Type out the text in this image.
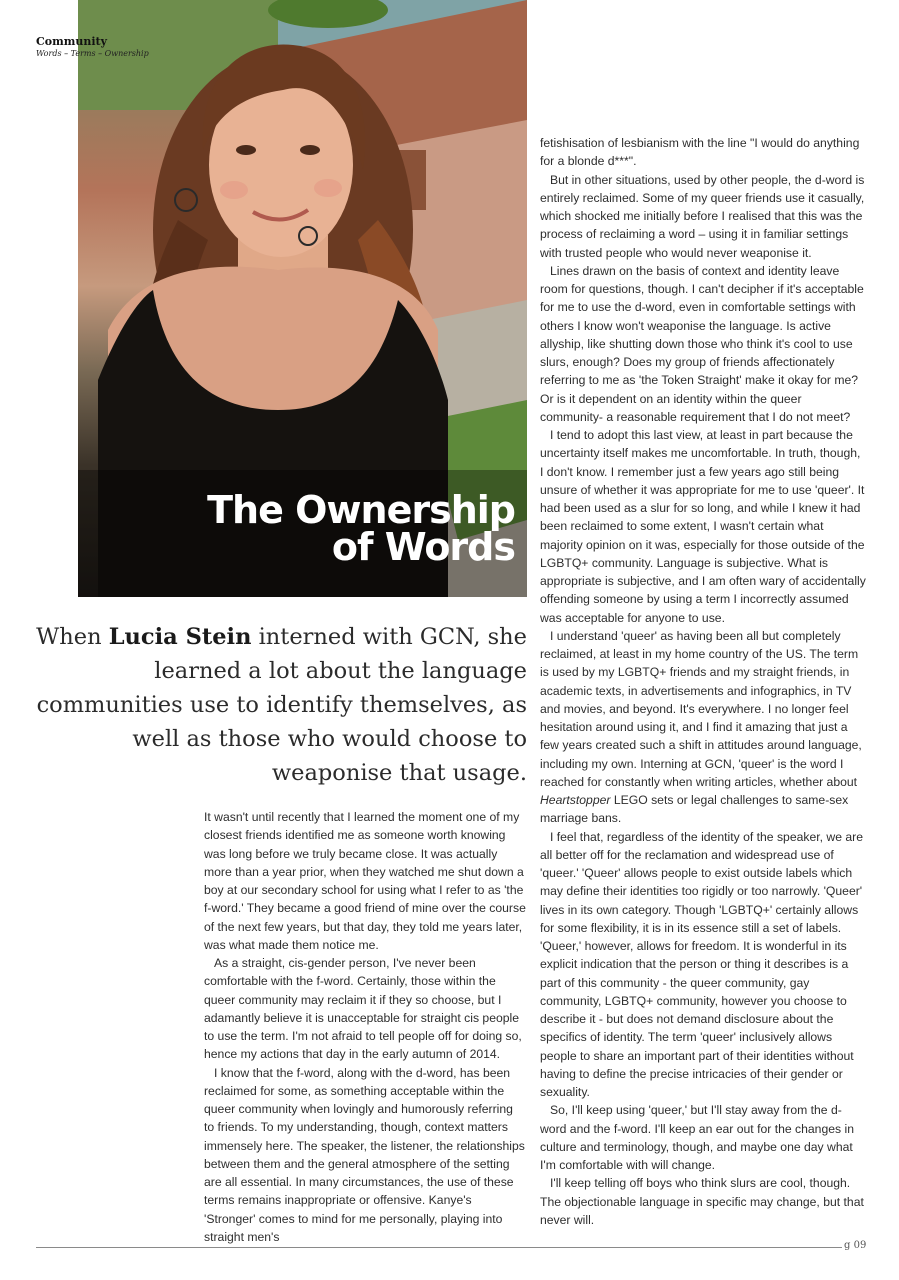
Community
Words – Terms – Ownership
The Ownership
of Words
When Lucia Stein interned with GCN, she learned a lot about the language communities use to identify themselves, as well as those who would choose to weaponise that usage.

It wasn't until recently that I learned the moment one of my closest friends identified me as someone worth knowing was long before we truly became close. It was actually more than a year prior, when they watched me shut down a boy at our secondary school for using what I refer to as 'the f-word.' They became a good friend of mine over the course of the next few years, but that day, they told me years later, was what made them notice me.

As a straight, cis-gender person, I've never been comfortable with the f-word. Certainly, those within the queer community may reclaim it if they so choose, but I adamantly believe it is unacceptable for straight cis people to use the term. I'm not afraid to tell people off for doing so, hence my actions that day in the early autumn of 2014.

I know that the f-word, along with the d-word, has been reclaimed for some, as something acceptable within the queer community when lovingly and humorously referring to friends. To my understanding, though, context matters immensely here. The speaker, the listener, the relationships between them and the general atmosphere of the setting are all essential. In many circumstances, the use of these terms remains inappropriate or offensive. Kanye's 'Stronger' comes to mind for me personally, playing into straight men's

fetishisation of lesbianism with the line "I would do anything for a blonde d***".

But in other situations, used by other people, the d-word is entirely reclaimed. Some of my queer friends use it casually, which shocked me initially before I realised that this was the process of reclaiming a word – using it in familiar settings with trusted people who would never weaponise it.

Lines drawn on the basis of context and identity leave room for questions, though. I can't decipher if it's acceptable for me to use the d-word, even in comfortable settings with others I know won't weaponise the language. Is active allyship, like shutting down those who think it's cool to use slurs, enough? Does my group of friends affectionately referring to me as 'the Token Straight' make it okay for me? Or is it dependent on an identity within the queer community- a reasonable requirement that I do not meet?

I tend to adopt this last view, at least in part because the uncertainty itself makes me uncomfortable. In truth, though, I don't know. I remember just a few years ago still being unsure of whether it was appropriate for me to use 'queer'. It had been used as a slur for so long, and while I knew it had been reclaimed to some extent, I wasn't certain what majority opinion on it was, especially for those outside of the LGBTQ+ community. Language is subjective. What is appropriate is subjective, and I am often wary of accidentally offending someone by using a term I incorrectly assumed was acceptable for anyone to use.

I understand 'queer' as having been all but completely reclaimed, at least in my home country of the US. The term is used by my LGBTQ+ friends and my straight friends, in academic texts, in advertisements and infographics, in TV and movies, and beyond. It's everywhere. I no longer feel hesitation around using it, and I find it amazing that just a few years created such a shift in attitudes around language, including my own. Interning at GCN, 'queer' is the word I reached for constantly when writing articles, whether about Heartstopper LEGO sets or legal challenges to same-sex marriage bans.

I feel that, regardless of the identity of the speaker, we are all better off for the reclamation and widespread use of 'queer.' 'Queer' allows people to exist outside labels which may define their identities too rigidly or too narrowly. 'Queer' lives in its own category. Though 'LGBTQ+' certainly allows for some flexibility, it is in its essence still a set of labels. 'Queer,' however, allows for freedom. It is wonderful in its explicit indication that the person or thing it describes is a part of this community - the queer community, gay community, LGBTQ+ community, however you choose to describe it - but does not demand disclosure about the specifics of identity. The term 'queer' inclusively allows people to share an important part of their identities without having to define the precise intricacies of their gender or sexuality.

So, I'll keep using 'queer,' but I'll stay away from the d-word and the f-word. I'll keep an ear out for the changes in culture and terminology, though, and maybe one day what I'm comfortable with will change.

I'll keep telling off boys who think slurs are cool, though. The objectionable language in specific may change, but that never will.

g 09
